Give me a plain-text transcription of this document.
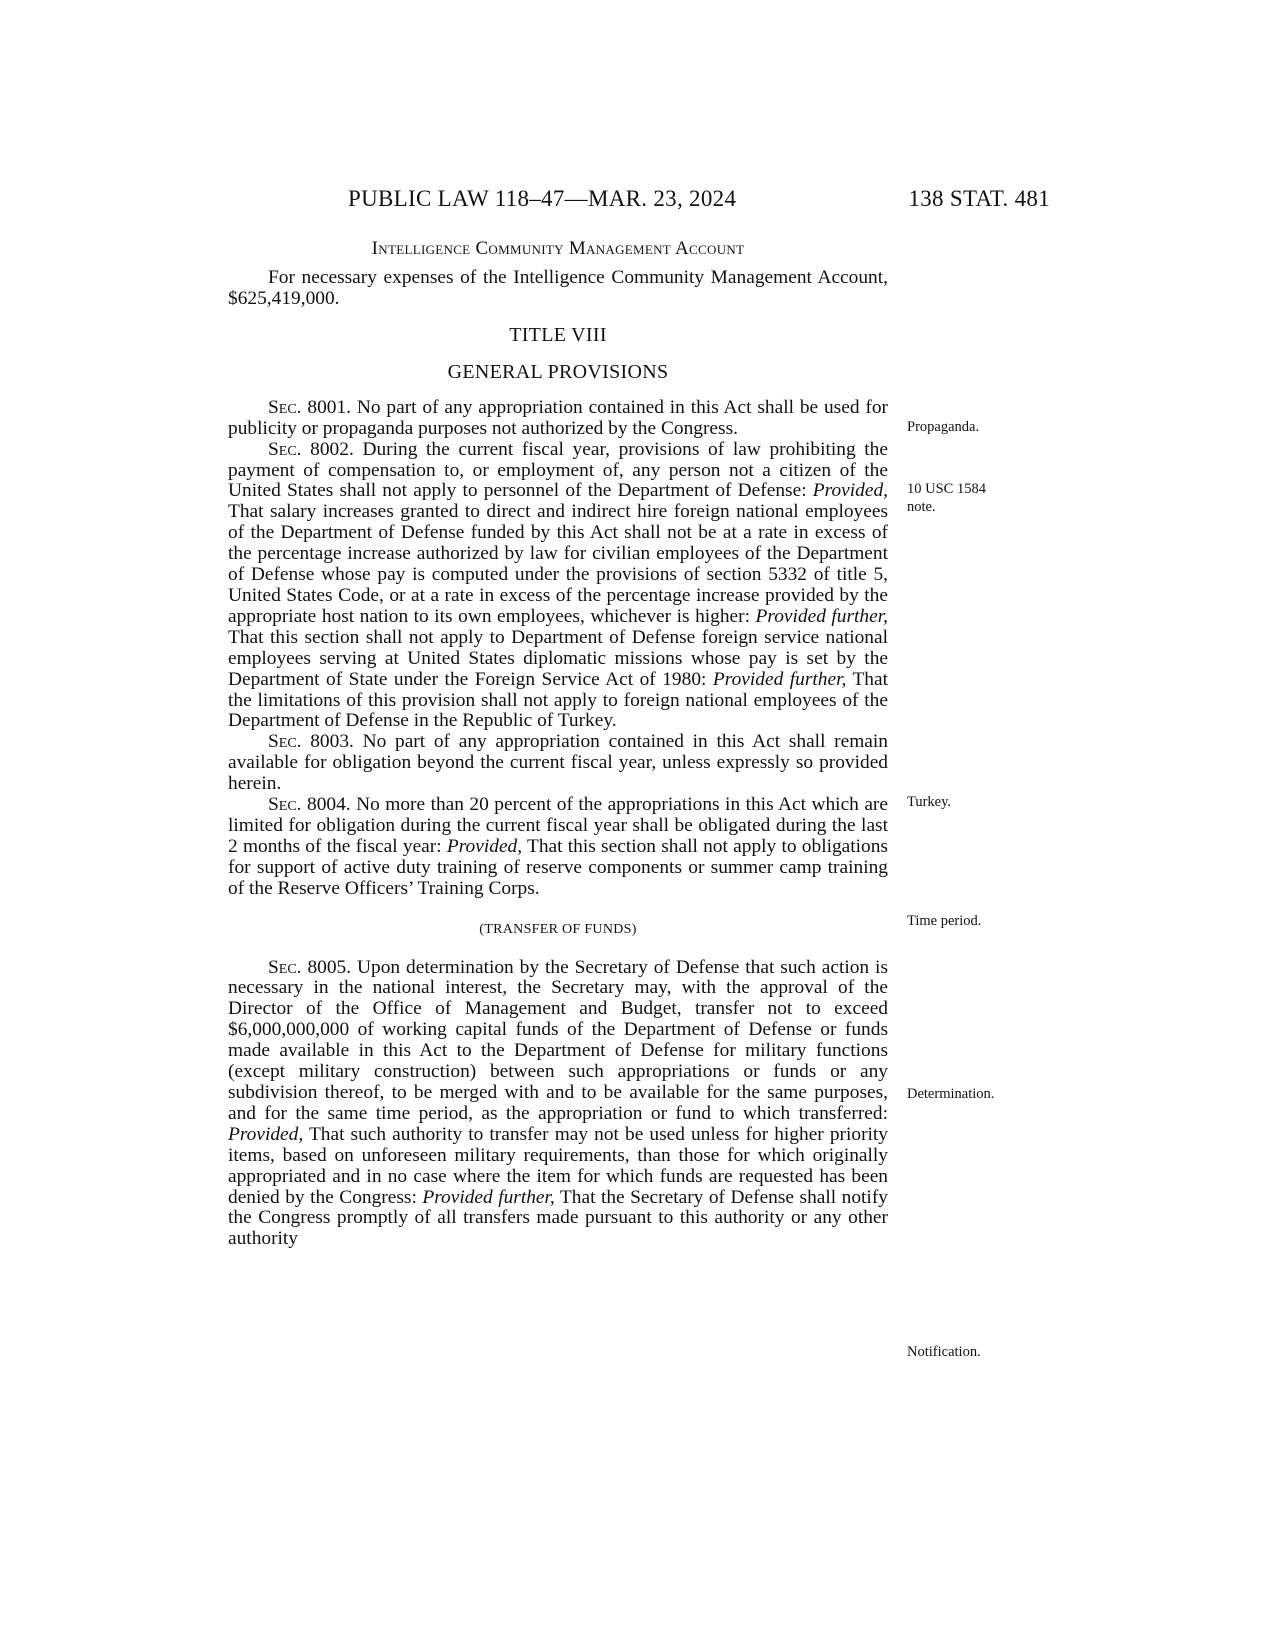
PUBLIC LAW 118–47—MAR. 23, 2024	138 STAT. 481
Intelligence Community Management Account

For necessary expenses of the Intelligence Community Management Account, $625,419,000.

TITLE VIII
GENERAL PROVISIONS

Sec. 8001. No part of any appropriation contained in this Act shall be used for publicity or propaganda purposes not authorized by the Congress.

Sec. 8002. During the current fiscal year, provisions of law prohibiting the payment of compensation to, or employment of, any person not a citizen of the United States shall not apply to personnel of the Department of Defense: Provided, That salary increases granted to direct and indirect hire foreign national employees of the Department of Defense funded by this Act shall not be at a rate in excess of the percentage increase authorized by law for civilian employees of the Department of Defense whose pay is computed under the provisions of section 5332 of title 5, United States Code, or at a rate in excess of the percentage increase provided by the appropriate host nation to its own employees, whichever is higher: Provided further, That this section shall not apply to Department of Defense foreign service national employees serving at United States diplomatic missions whose pay is set by the Department of State under the Foreign Service Act of 1980: Provided further, That the limitations of this provision shall not apply to foreign national employees of the Department of Defense in the Republic of Turkey.

Sec. 8003. No part of any appropriation contained in this Act shall remain available for obligation beyond the current fiscal year, unless expressly so provided herein.

Sec. 8004. No more than 20 percent of the appropriations in this Act which are limited for obligation during the current fiscal year shall be obligated during the last 2 months of the fiscal year: Provided, That this section shall not apply to obligations for support of active duty training of reserve components or summer camp training of the Reserve Officers’ Training Corps.

(TRANSFER OF FUNDS)

Sec. 8005. Upon determination by the Secretary of Defense that such action is necessary in the national interest, the Secretary may, with the approval of the Director of the Office of Management and Budget, transfer not to exceed $6,000,000,000 of working capital funds of the Department of Defense or funds made available in this Act to the Department of Defense for military functions (except military construction) between such appropriations or funds or any subdivision thereof, to be merged with and to be available for the same purposes, and for the same time period, as the appropriation or fund to which transferred: Provided, That such authority to transfer may not be used unless for higher priority items, based on unforeseen military requirements, than those for which originally appropriated and in no case where the item for which funds are requested has been denied by the Congress: Provided further, That the Secretary of Defense shall notify the Congress promptly of all transfers made pursuant to this authority or any other authority

Propaganda.
10 USC 1584
note.
Turkey.
Time period.
Determination.
Notification.
